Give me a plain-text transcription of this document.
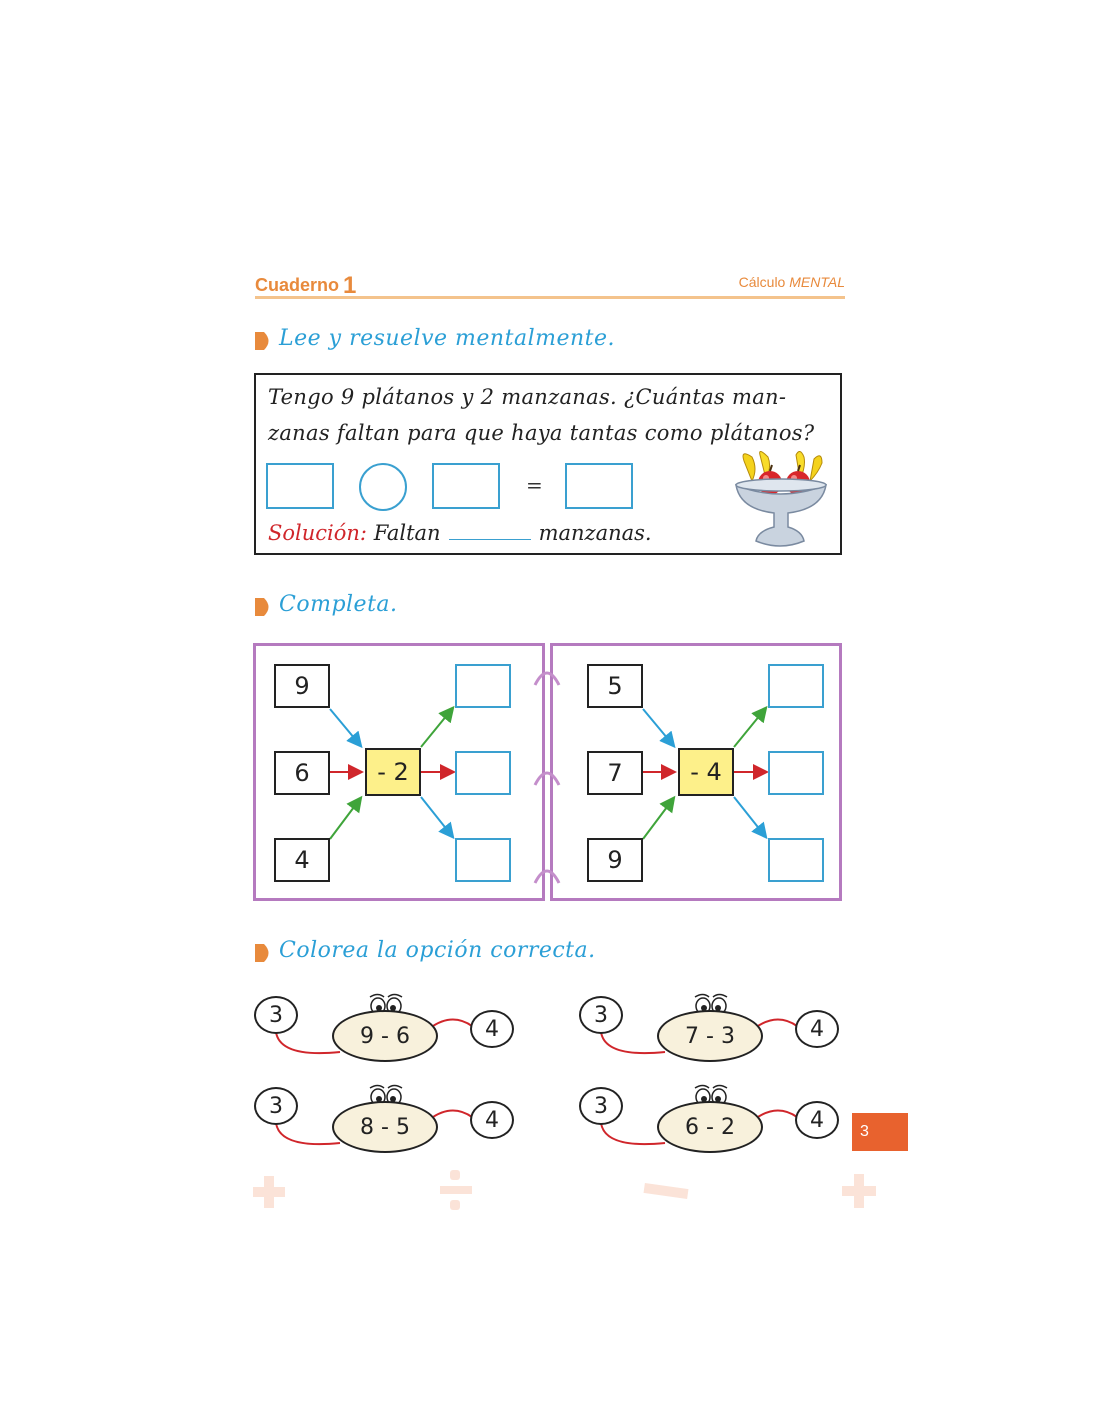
Cuaderno 1	Cálculo MENTAL
Lee y resuelve mentalmente.
Tengo 9 plátanos y 2 manzanas. ¿Cuántas man-
zanas faltan para que haya tantas como plátanos?
=
Solución: Faltan	manzanas.
Completa.
9
6
4
- 2
5
7
9
- 4
Colorea la opción correcta.
3
9 - 6	4
3
7 - 3	4
3
8 - 5	4
3
6 - 2	4	3
